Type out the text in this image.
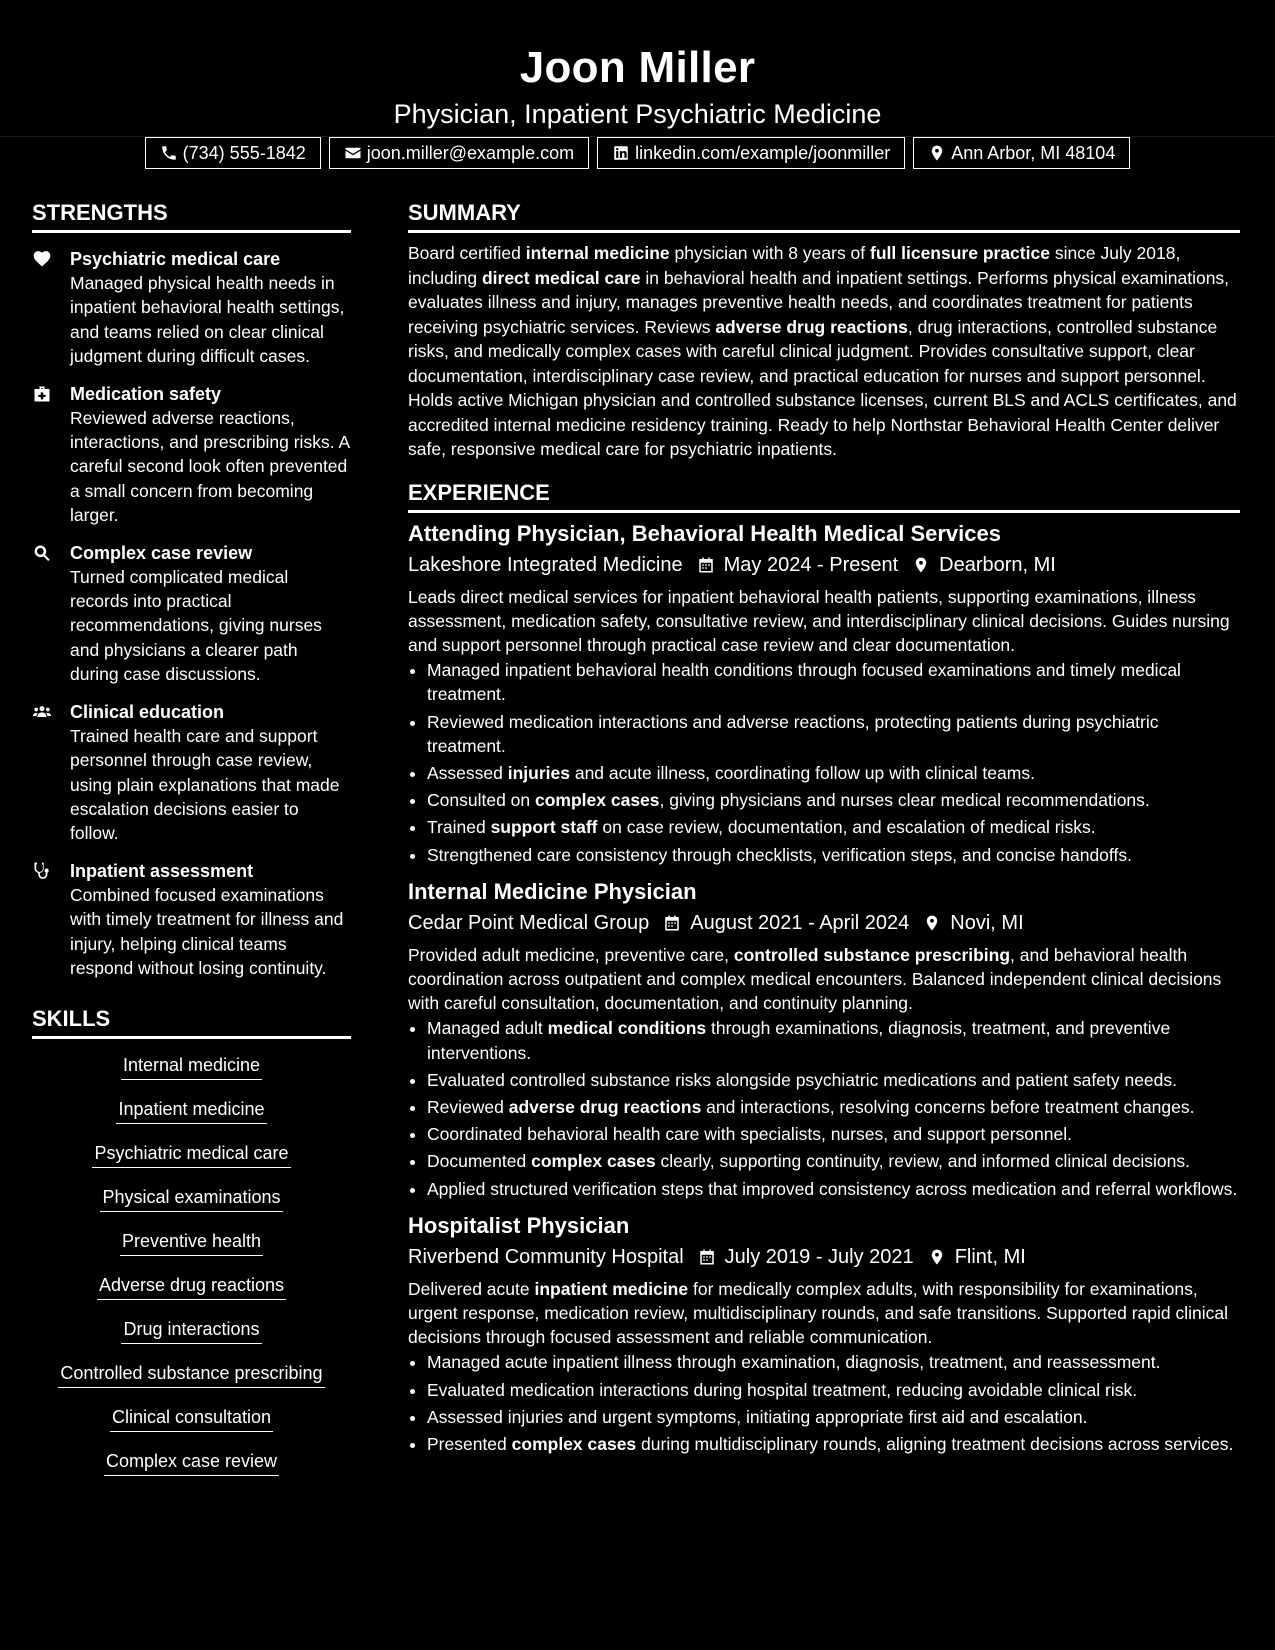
Joon Miller
Physician, Inpatient Psychiatric Medicine
(734) 555-1842	joon.miller@example.com	linkedin.com/example/joonmiller	Ann Arbor, MI 48104
STRENGTHS
Psychiatric medical care
Managed physical health needs in inpatient behavioral health settings, and teams relied on clear clinical judgment during difficult cases.
Medication safety
Reviewed adverse reactions, interactions, and prescribing risks. A careful second look often prevented a small concern from becoming larger.
Complex case review
Turned complicated medical records into practical recommendations, giving nurses and physicians a clearer path during case discussions.
Clinical education
Trained health care and support personnel through case review, using plain explanations that made escalation decisions easier to follow.
Inpatient assessment
Combined focused examinations with timely treatment for illness and injury, helping clinical teams respond without losing continuity.
SKILLS
Internal medicine
Inpatient medicine
Psychiatric medical care
Physical examinations
Preventive health
Adverse drug reactions
Drug interactions
Controlled substance prescribing
Clinical consultation
Complex case review
SUMMARY
Board certified internal medicine physician with 8 years of full licensure practice since July 2018, including direct medical care in behavioral health and inpatient settings. Performs physical examinations, evaluates illness and injury, manages preventive health needs, and coordinates treatment for patients receiving psychiatric services. Reviews adverse drug reactions, drug interactions, controlled substance risks, and medically complex cases with careful clinical judgment. Provides consultative support, clear documentation, interdisciplinary case review, and practical education for nurses and support personnel. Holds active Michigan physician and controlled substance licenses, current BLS and ACLS certificates, and accredited internal medicine residency training. Ready to help Northstar Behavioral Health Center deliver safe, responsive medical care for psychiatric inpatients.
EXPERIENCE
Attending Physician, Behavioral Health Medical Services
Lakeshore Integrated Medicine May 2024 - Present Dearborn, MI
Leads direct medical services for inpatient behavioral health patients, supporting examinations, illness assessment, medication safety, consultative review, and interdisciplinary clinical decisions. Guides nursing and support personnel through practical case review and clear documentation.
• Managed inpatient behavioral health conditions through focused examinations and timely medical treatment.
• Reviewed medication interactions and adverse reactions, protecting patients during psychiatric treatment.
• Assessed injuries and acute illness, coordinating follow up with clinical teams.
• Consulted on complex cases, giving physicians and nurses clear medical recommendations.
• Trained support staff on case review, documentation, and escalation of medical risks.
• Strengthened care consistency through checklists, verification steps, and concise handoffs.
Internal Medicine Physician
Cedar Point Medical Group August 2021 - April 2024 Novi, MI
Provided adult medicine, preventive care, controlled substance prescribing, and behavioral health coordination across outpatient and complex medical encounters. Balanced independent clinical decisions with careful consultation, documentation, and continuity planning.
• Managed adult medical conditions through examinations, diagnosis, treatment, and preventive interventions.
• Evaluated controlled substance risks alongside psychiatric medications and patient safety needs.
• Reviewed adverse drug reactions and interactions, resolving concerns before treatment changes.
• Coordinated behavioral health care with specialists, nurses, and support personnel.
• Documented complex cases clearly, supporting continuity, review, and informed clinical decisions.
• Applied structured verification steps that improved consistency across medication and referral workflows.
Hospitalist Physician
Riverbend Community Hospital July 2019 - July 2021 Flint, MI
Delivered acute inpatient medicine for medically complex adults, with responsibility for examinations, urgent response, medication review, multidisciplinary rounds, and safe transitions. Supported rapid clinical decisions through focused assessment and reliable communication.
• Managed acute inpatient illness through examination, diagnosis, treatment, and reassessment.
• Evaluated medication interactions during hospital treatment, reducing avoidable clinical risk.
• Assessed injuries and urgent symptoms, initiating appropriate first aid and escalation.
• Presented complex cases during multidisciplinary rounds, aligning treatment decisions across services.
